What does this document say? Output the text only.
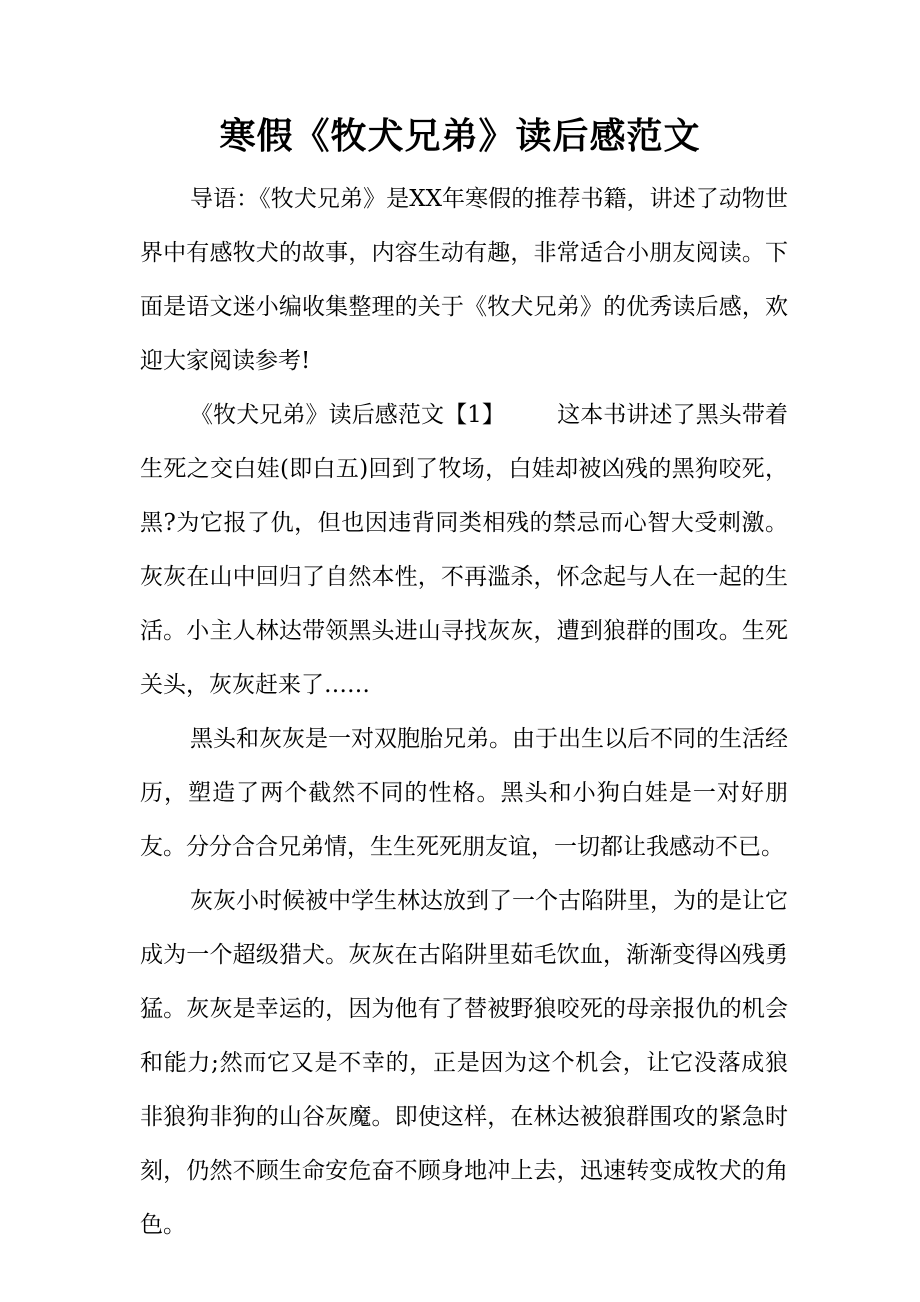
寒假《牧犬兄弟》读后感范文

导语：《牧犬兄弟》是XX年寒假的推荐书籍，讲述了动物世界中有感牧犬的故事，内容生动有趣，非常适合小朋友阅读。下面是语文迷小编收集整理的关于《牧犬兄弟》的优秀读后感，欢迎大家阅读参考!

《牧犬兄弟》读后感范文【1】 这本书讲述了黑头带着生死之交白娃(即白五)回到了牧场，白娃却被凶残的黑狗咬死，黑?为它报了仇，但也因违背同类相残的禁忌而心智大受刺激。灰灰在山中回归了自然本性，不再滥杀，怀念起与人在一起的生活。小主人林达带领黑头进山寻找灰灰，遭到狼群的围攻。生死关头，灰灰赶来了……

黑头和灰灰是一对双胞胎兄弟。由于出生以后不同的生活经历，塑造了两个截然不同的性格。黑头和小狗白娃是一对好朋友。分分合合兄弟情，生生死死朋友谊，一切都让我感动不已。

灰灰小时候被中学生林达放到了一个古陷阱里，为的是让它成为一个超级猎犬。灰灰在古陷阱里茹毛饮血，渐渐变得凶残勇猛。灰灰是幸运的，因为他有了替被野狼咬死的母亲报仇的机会和能力;然而它又是不幸的，正是因为这个机会，让它没落成狼非狼狗非狗的山谷灰魔。即使这样，在林达被狼群围攻的紧急时刻，仍然不顾生命安危奋不顾身地冲上去，迅速转变成牧犬的角色。
